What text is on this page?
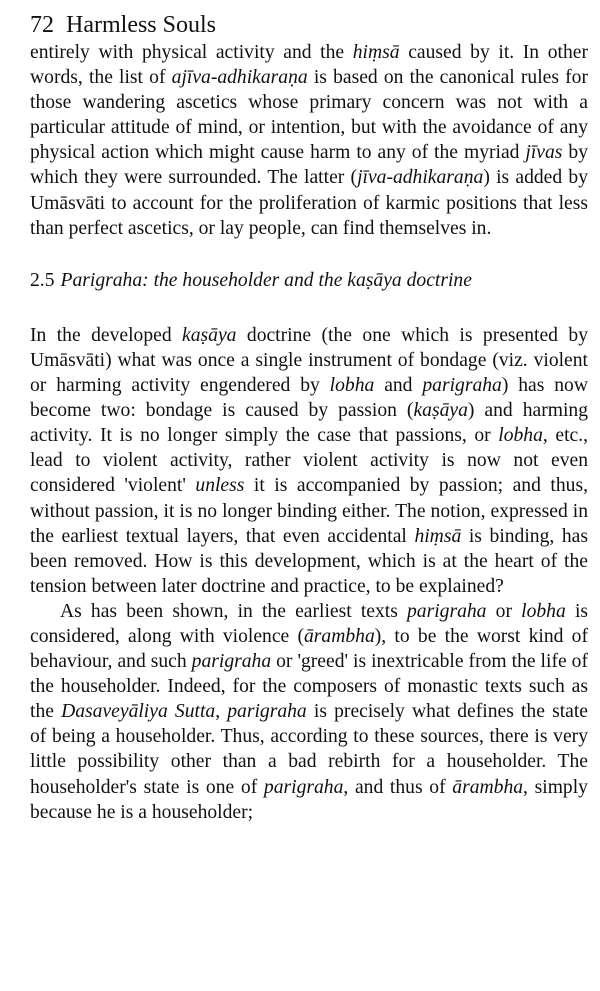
72 Harmless Souls

entirely with physical activity and the hiṃsā caused by it. In other words, the list of ajīva-adhikaraṇa is based on the canonical rules for those wandering ascetics whose primary concern was not with a particular attitude of mind, or intention, but with the avoidance of any physical action which might cause harm to any of the myriad jīvas by which they were surrounded. The latter (jīva-adhikaraṇa) is added by Umāsvāti to account for the proliferation of karmic positions that less than perfect ascetics, or lay people, can find themselves in.

2.5 Parigraha: the householder and the kaṣāya doctrine

In the developed kaṣāya doctrine (the one which is presented by Umāsvāti) what was once a single instrument of bondage (viz. violent or harming activity engendered by lobha and parigraha) has now become two: bondage is caused by passion (kaṣāya) and harming activity. It is no longer simply the case that passions, or lobha, etc., lead to violent activity, rather violent activity is now not even considered 'violent' unless it is accompanied by passion; and thus, without passion, it is no longer binding either. The notion, expressed in the earliest textual layers, that even accidental hiṃsā is binding, has been removed. How is this development, which is at the heart of the tension between later doctrine and practice, to be explained?

As has been shown, in the earliest texts parigraha or lobha is considered, along with violence (ārambha), to be the worst kind of behaviour, and such parigraha or 'greed' is inextricable from the life of the householder. Indeed, for the composers of monastic texts such as the Dasaveyāliya Sutta, parigraha is precisely what defines the state of being a householder. Thus, according to these sources, there is very little possibility other than a bad rebirth for a householder. The householder's state is one of parigraha, and thus of ārambha, simply because he is a householder;
